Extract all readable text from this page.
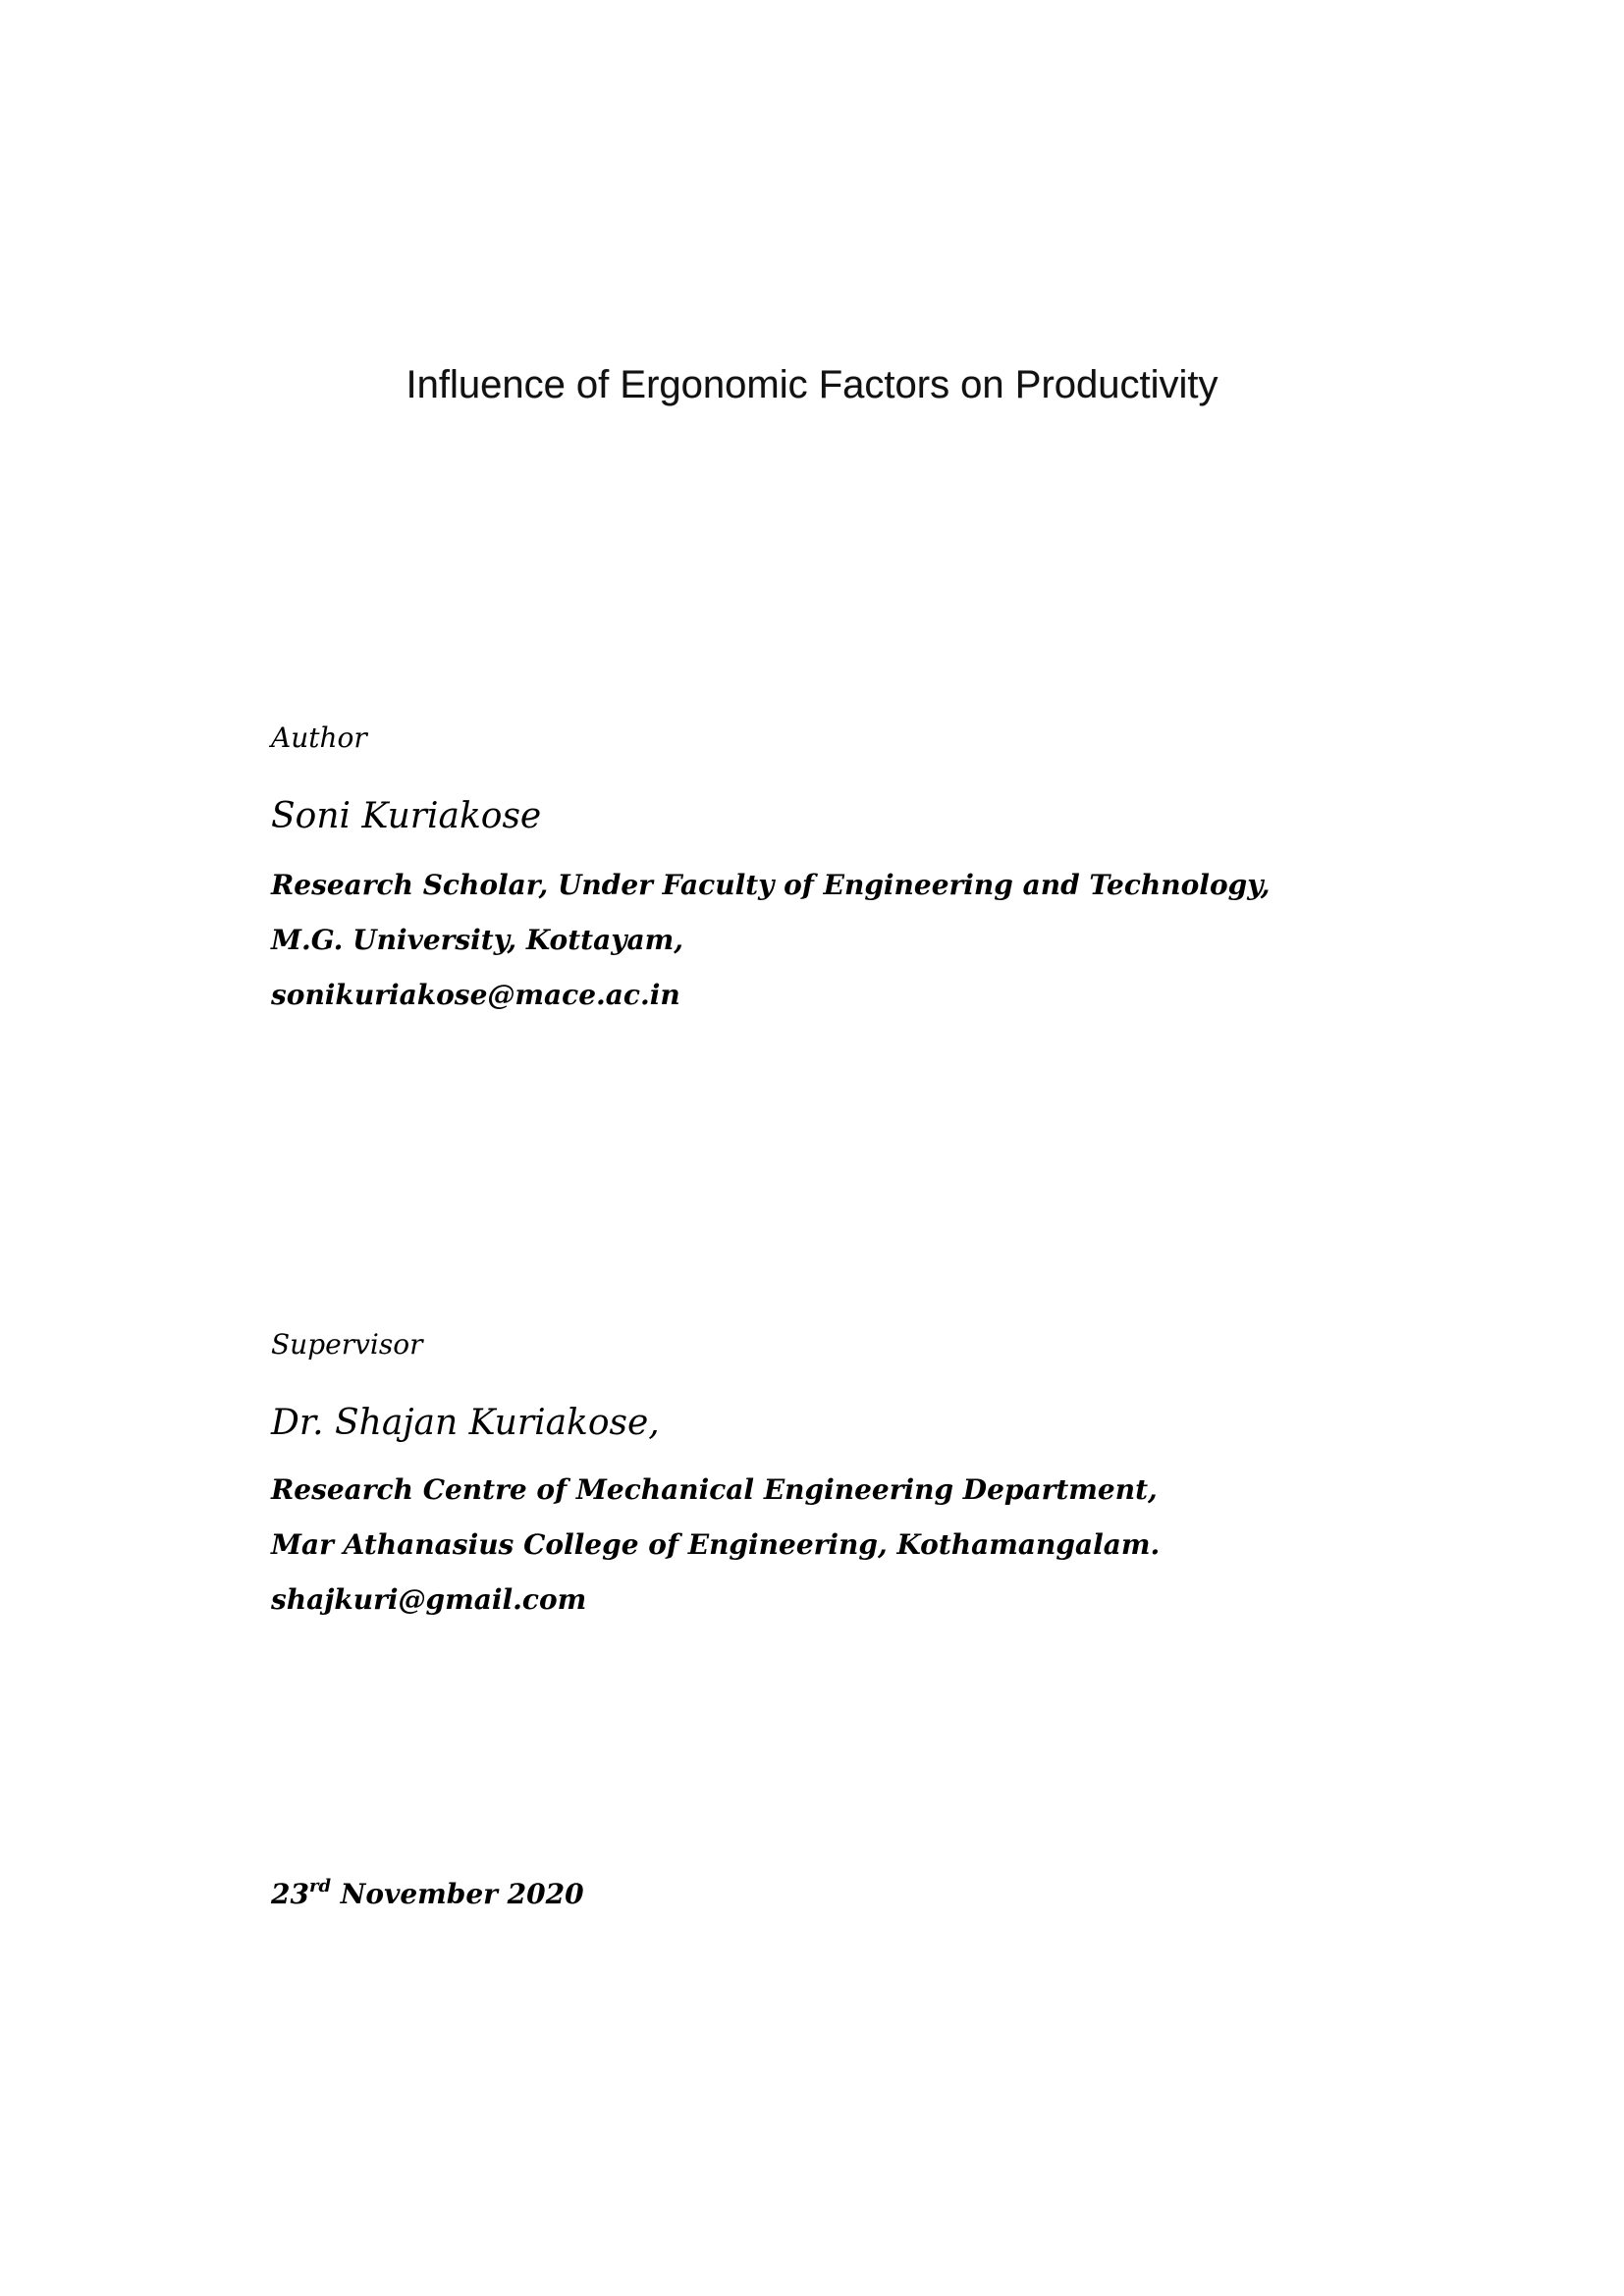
Influence of Ergonomic Factors on Productivity
Author
Soni Kuriakose
Research Scholar, Under Faculty of Engineering and Technology,
M.G. University, Kottayam,
sonikuriakose@mace.ac.in
Supervisor
Dr. Shajan Kuriakose,
Research Centre of Mechanical Engineering Department,
Mar Athanasius College of Engineering, Kothamangalam.
shajkuri@gmail.com
23rd November 2020
